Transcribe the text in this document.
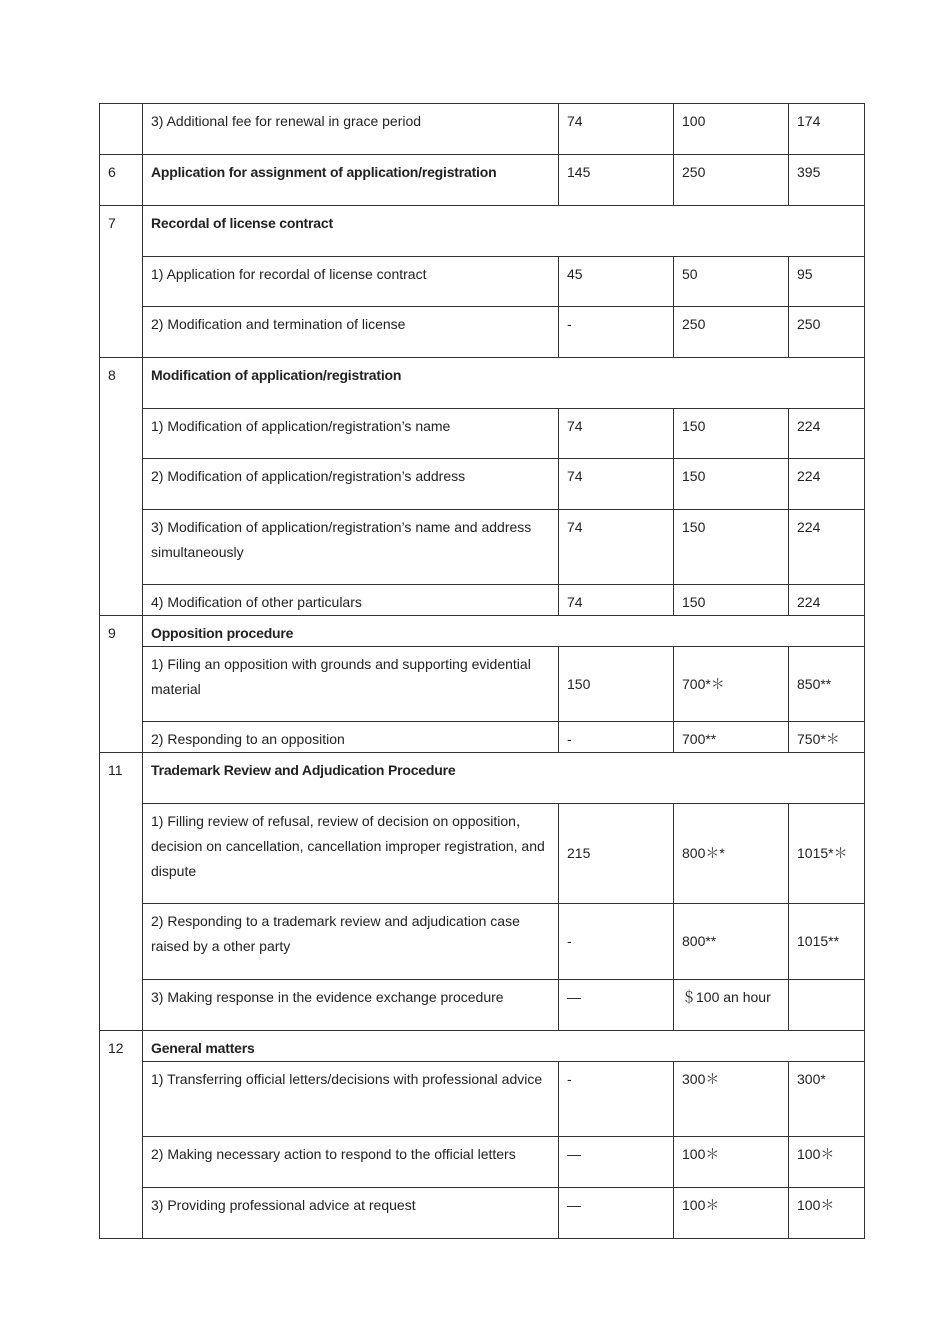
	3) Additional fee for renewal in grace period	74	100	174
6	Application for assignment of application/registration	145	250	395
7	Recordal of license contract			
	1) Application for recordal of license contract	45	50	95
	2) Modification and termination of license	-	250	250
8	Modification of application/registration			
	1) Modification of application/registration’s name	74	150	224
	2) Modification of application/registration’s address	74	150	224
	3) Modification of application/registration’s name and address simultaneously	74	150	224
	4) Modification of other particulars	74	150	224
9	Opposition procedure			
	1) Filing an opposition with grounds and supporting evidential material	150	700*＊	850**
	2) Responding to an opposition	-	700**	750*＊
11	Trademark Review and Adjudication Procedure			
	1) Filling review of refusal, review of decision on opposition，decision on cancellation, cancellation improper registration, and dispute	215	800＊*	1015*＊
	2) Responding to a trademark review and adjudication case raised by a other party	-	800**	1015**
	3) Making response in the evidence exchange procedure	—	＄100 an hour	
12	General matters			
	1) Transferring official letters/decisions with professional advice	-	300＊	300*
	2) Making necessary action to respond to the official letters	—	100＊	100＊
	3) Providing professional advice at request	—	100＊	100＊
